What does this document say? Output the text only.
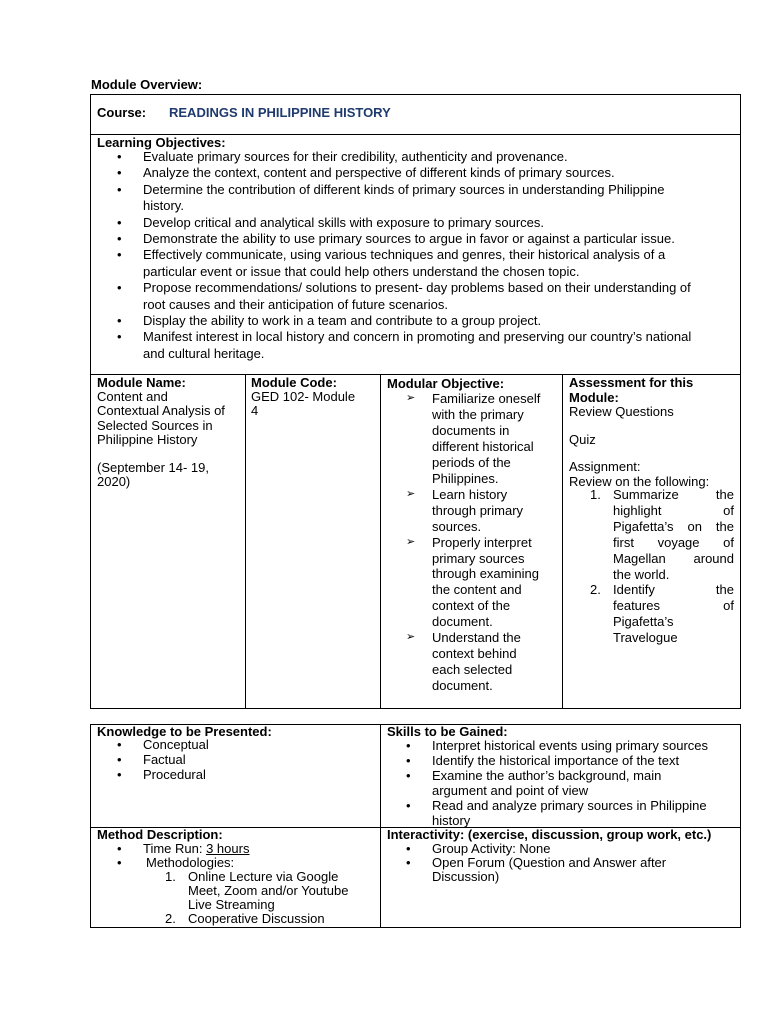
Module Overview:
Course: READINGS IN PHILIPPINE HISTORY
Learning Objectives:
• Evaluate primary sources for their credibility, authenticity and provenance.
• Analyze the context, content and perspective of different kinds of primary sources.
• Determine the contribution of different kinds of primary sources in understanding Philippine
history.
• Develop critical and analytical skills with exposure to primary sources.
• Demonstrate the ability to use primary sources to argue in favor or against a particular issue.
• Effectively communicate, using various techniques and genres, their historical analysis of a
particular event or issue that could help others understand the chosen topic.
• Propose recommendations/ solutions to present- day problems based on their understanding of
root causes and their anticipation of future scenarios.
• Display the ability to work in a team and contribute to a group project.
• Manifest interest in local history and concern in promoting and preserving our country’s national
and cultural heritage.
Module Name:
Content and
Contextual Analysis of
Selected Sources in
Philippine History
(September 14- 19,
2020)
Module Code:
GED 102- Module
4
Modular Objective:
➢ Familiarize oneself
with the primary
documents in
different historical
periods of the
Philippines.
➢ Learn history
through primary
sources.
➢ Properly interpret
primary sources
through examining
the content and
context of the
document.
➢ Understand the
context behind
each selected
document.
Assessment for this
Module:
Review Questions
Quiz
Assignment:
Review on the following:
1. Summarize the
highlight of
Pigafetta’s on the
first voyage of
Magellan around
the world.
2. Identify the
features of
Pigafetta’s
Travelogue
Knowledge to be Presented:
• Conceptual
• Factual
• Procedural
Skills to be Gained:
• Interpret historical events using primary sources
• Identify the historical importance of the text
• Examine the author’s background, main
argument and point of view
• Read and analyze primary sources in Philippine
history
Method Description:
• Time Run: 3 hours
• Methodologies:
1. Online Lecture via Google
Meet, Zoom and/or Youtube
Live Streaming
2. Cooperative Discussion
Interactivity: (exercise, discussion, group work, etc.)
• Group Activity: None
• Open Forum (Question and Answer after
Discussion)
